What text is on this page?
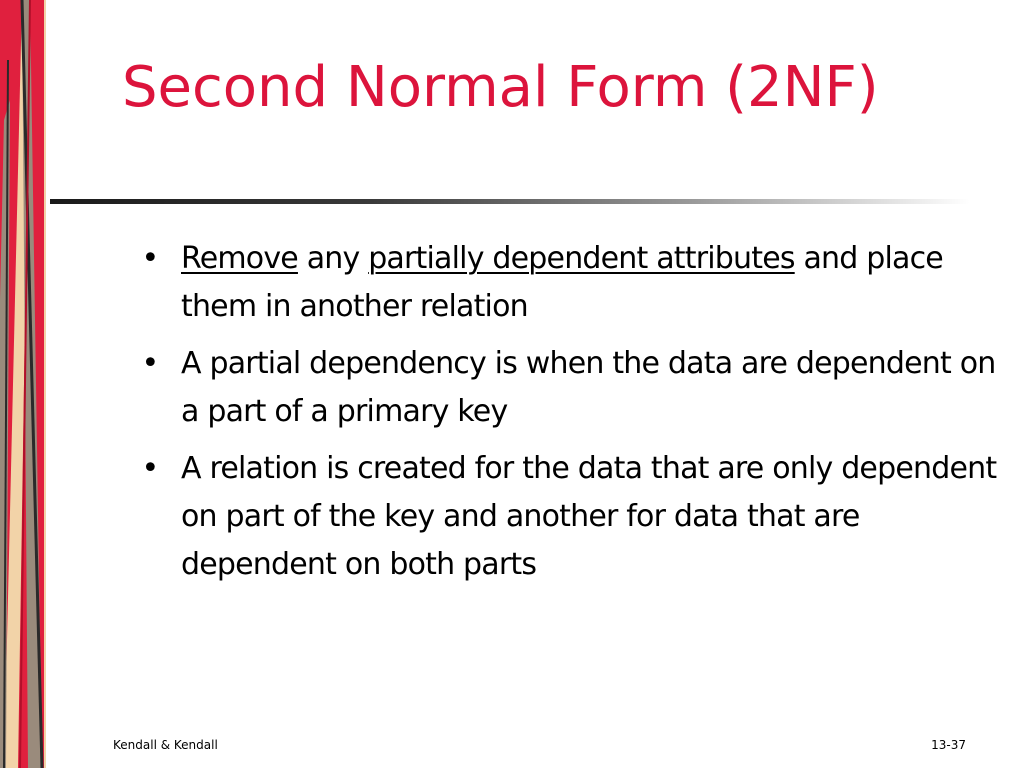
Second Normal Form (2NF)
• Remove any partially dependent attributes and place them in another relation
• A partial dependency is when the data are dependent on a part of a primary key
• A relation is created for the data that are only dependent on part of the key and another for data that are dependent on both parts
Kendall & Kendall	13-37
